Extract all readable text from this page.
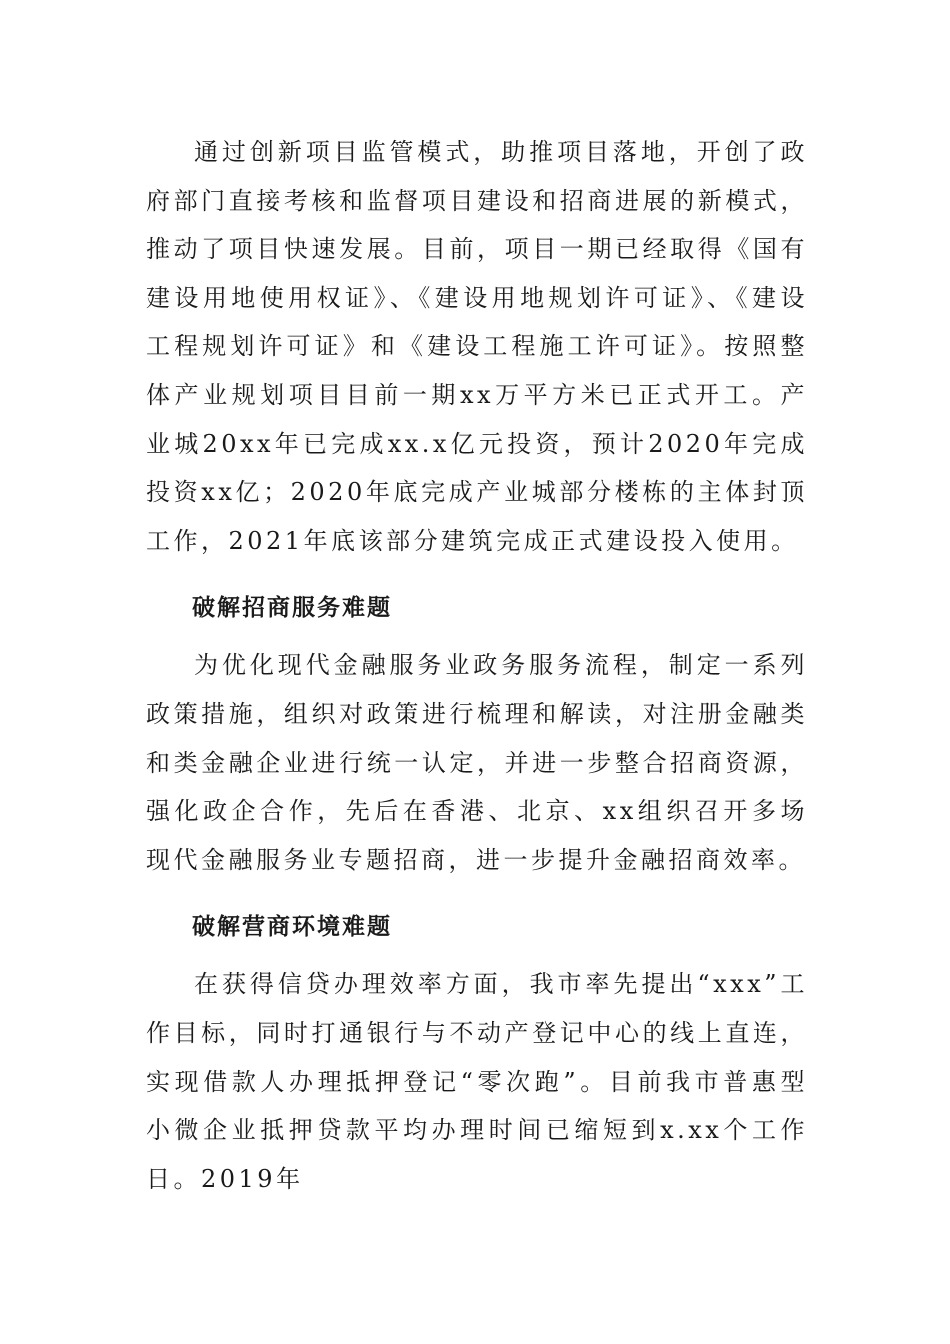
通过创新项目监管模式，助推项目落地，开创了政府部门直接考核和监督项目建设和招商进展的新模式，推动了项目快速发展。目前，项目一期已经取得《国有建设用地使用权证》、《建设用地规划许可证》、《建设工程规划许可证》和《建设工程施工许可证》。按照整体产业规划项目目前一期xx万平方米已正式开工。产业城20xx年已完成xx.x亿元投资，预计2020年完成投资xx亿；2020年底完成产业城部分楼栋的主体封顶工作，2021年底该部分建筑完成正式建设投入使用。

破解招商服务难题

为优化现代金融服务业政务服务流程，制定一系列政策措施，组织对政策进行梳理和解读，对注册金融类和类金融企业进行统一认定，并进一步整合招商资源，强化政企合作，先后在香港、北京、xx组织召开多场现代金融服务业专题招商，进一步提升金融招商效率。

破解营商环境难题

在获得信贷办理效率方面，我市率先提出“xxx”工作目标，同时打通银行与不动产登记中心的线上直连，实现借款人办理抵押登记“零次跑”。目前我市普惠型小微企业抵押贷款平均办理时间已缩短到x.xx个工作日。2019年
